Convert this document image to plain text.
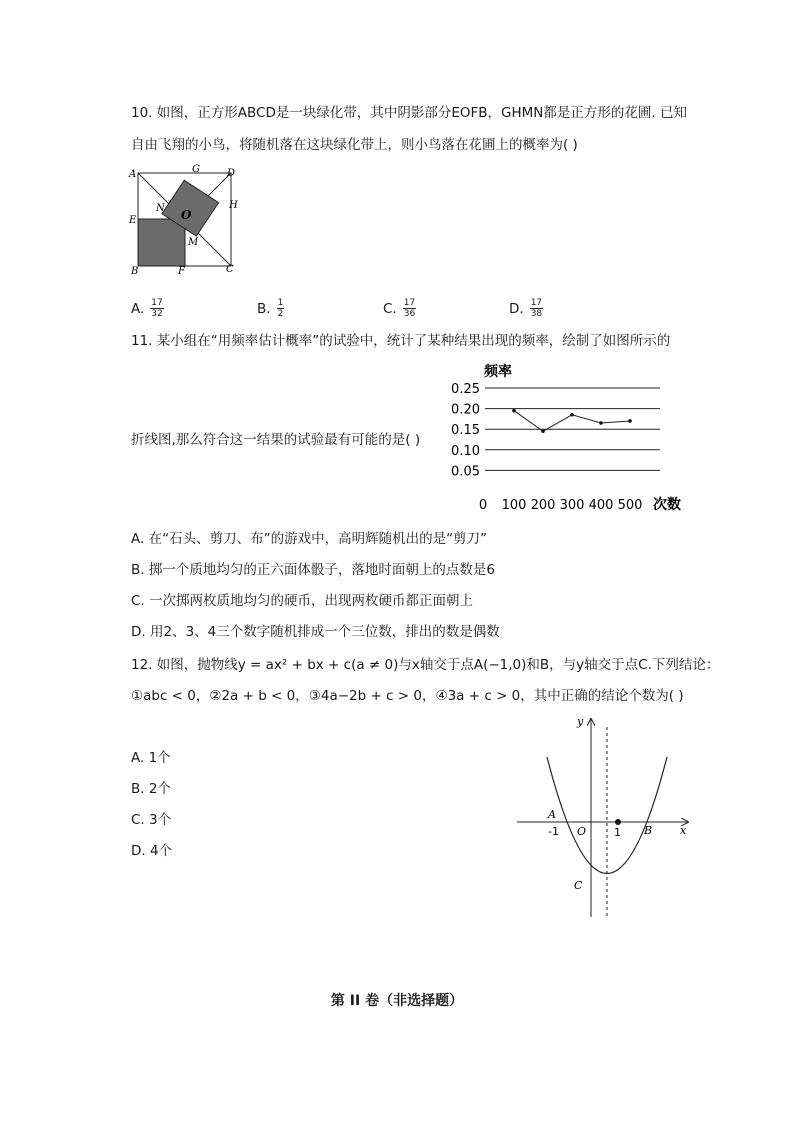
10. 如图，正方形ABCD是一块绿化带，其中阴影部分EOFB，GHMN都是正方形的花圃. 已知
自由飞翔的小鸟，将随机落在这块绿化带上，则小鸟落在花圃上的概率为( )
A	G	D
N O
H
E
M
B	F	C
A. $\frac{17}{32}$	B. $\frac{1}{2}$	C. $\frac{17}{36}$	D. $\frac{17}{38}$
11. 某小组在“用频率估计概率”的试验中，统计了某种结果出现的频率，绘制了如图所示的
频率
次数
0.05
0.10
0.15
0.20
0.25
0 100 200 300 400 500
折线图,那么符合这一结果的试验最有可能的是( )
A. 在“石头、剪刀、布”的游戏中，高明辉随机出的是“剪刀”
B. 掷一个质地均匀的正六面体骰子，落地时面朝上的点数是6
C. 一次掷两枚质地均匀的硬币，出现两枚硬币都正面朝上
D. 用2、3、4三个数字随机排成一个三位数，排出的数是偶数
12. 如图，抛物线y = ax² + bx + c(a ≠ 0)与x轴交于点A(−1,0)和B，与y轴交于点C.下列结论：
①abc < 0，②2a + b < 0，③4a−2b + c > 0，④3a + c > 0，其中正确的结论个数为( )
A. 1个
B. 2个
C. 3个
D. 4个
y
x
A
-1 O	1 B
C
第 II 卷（非选择题）
